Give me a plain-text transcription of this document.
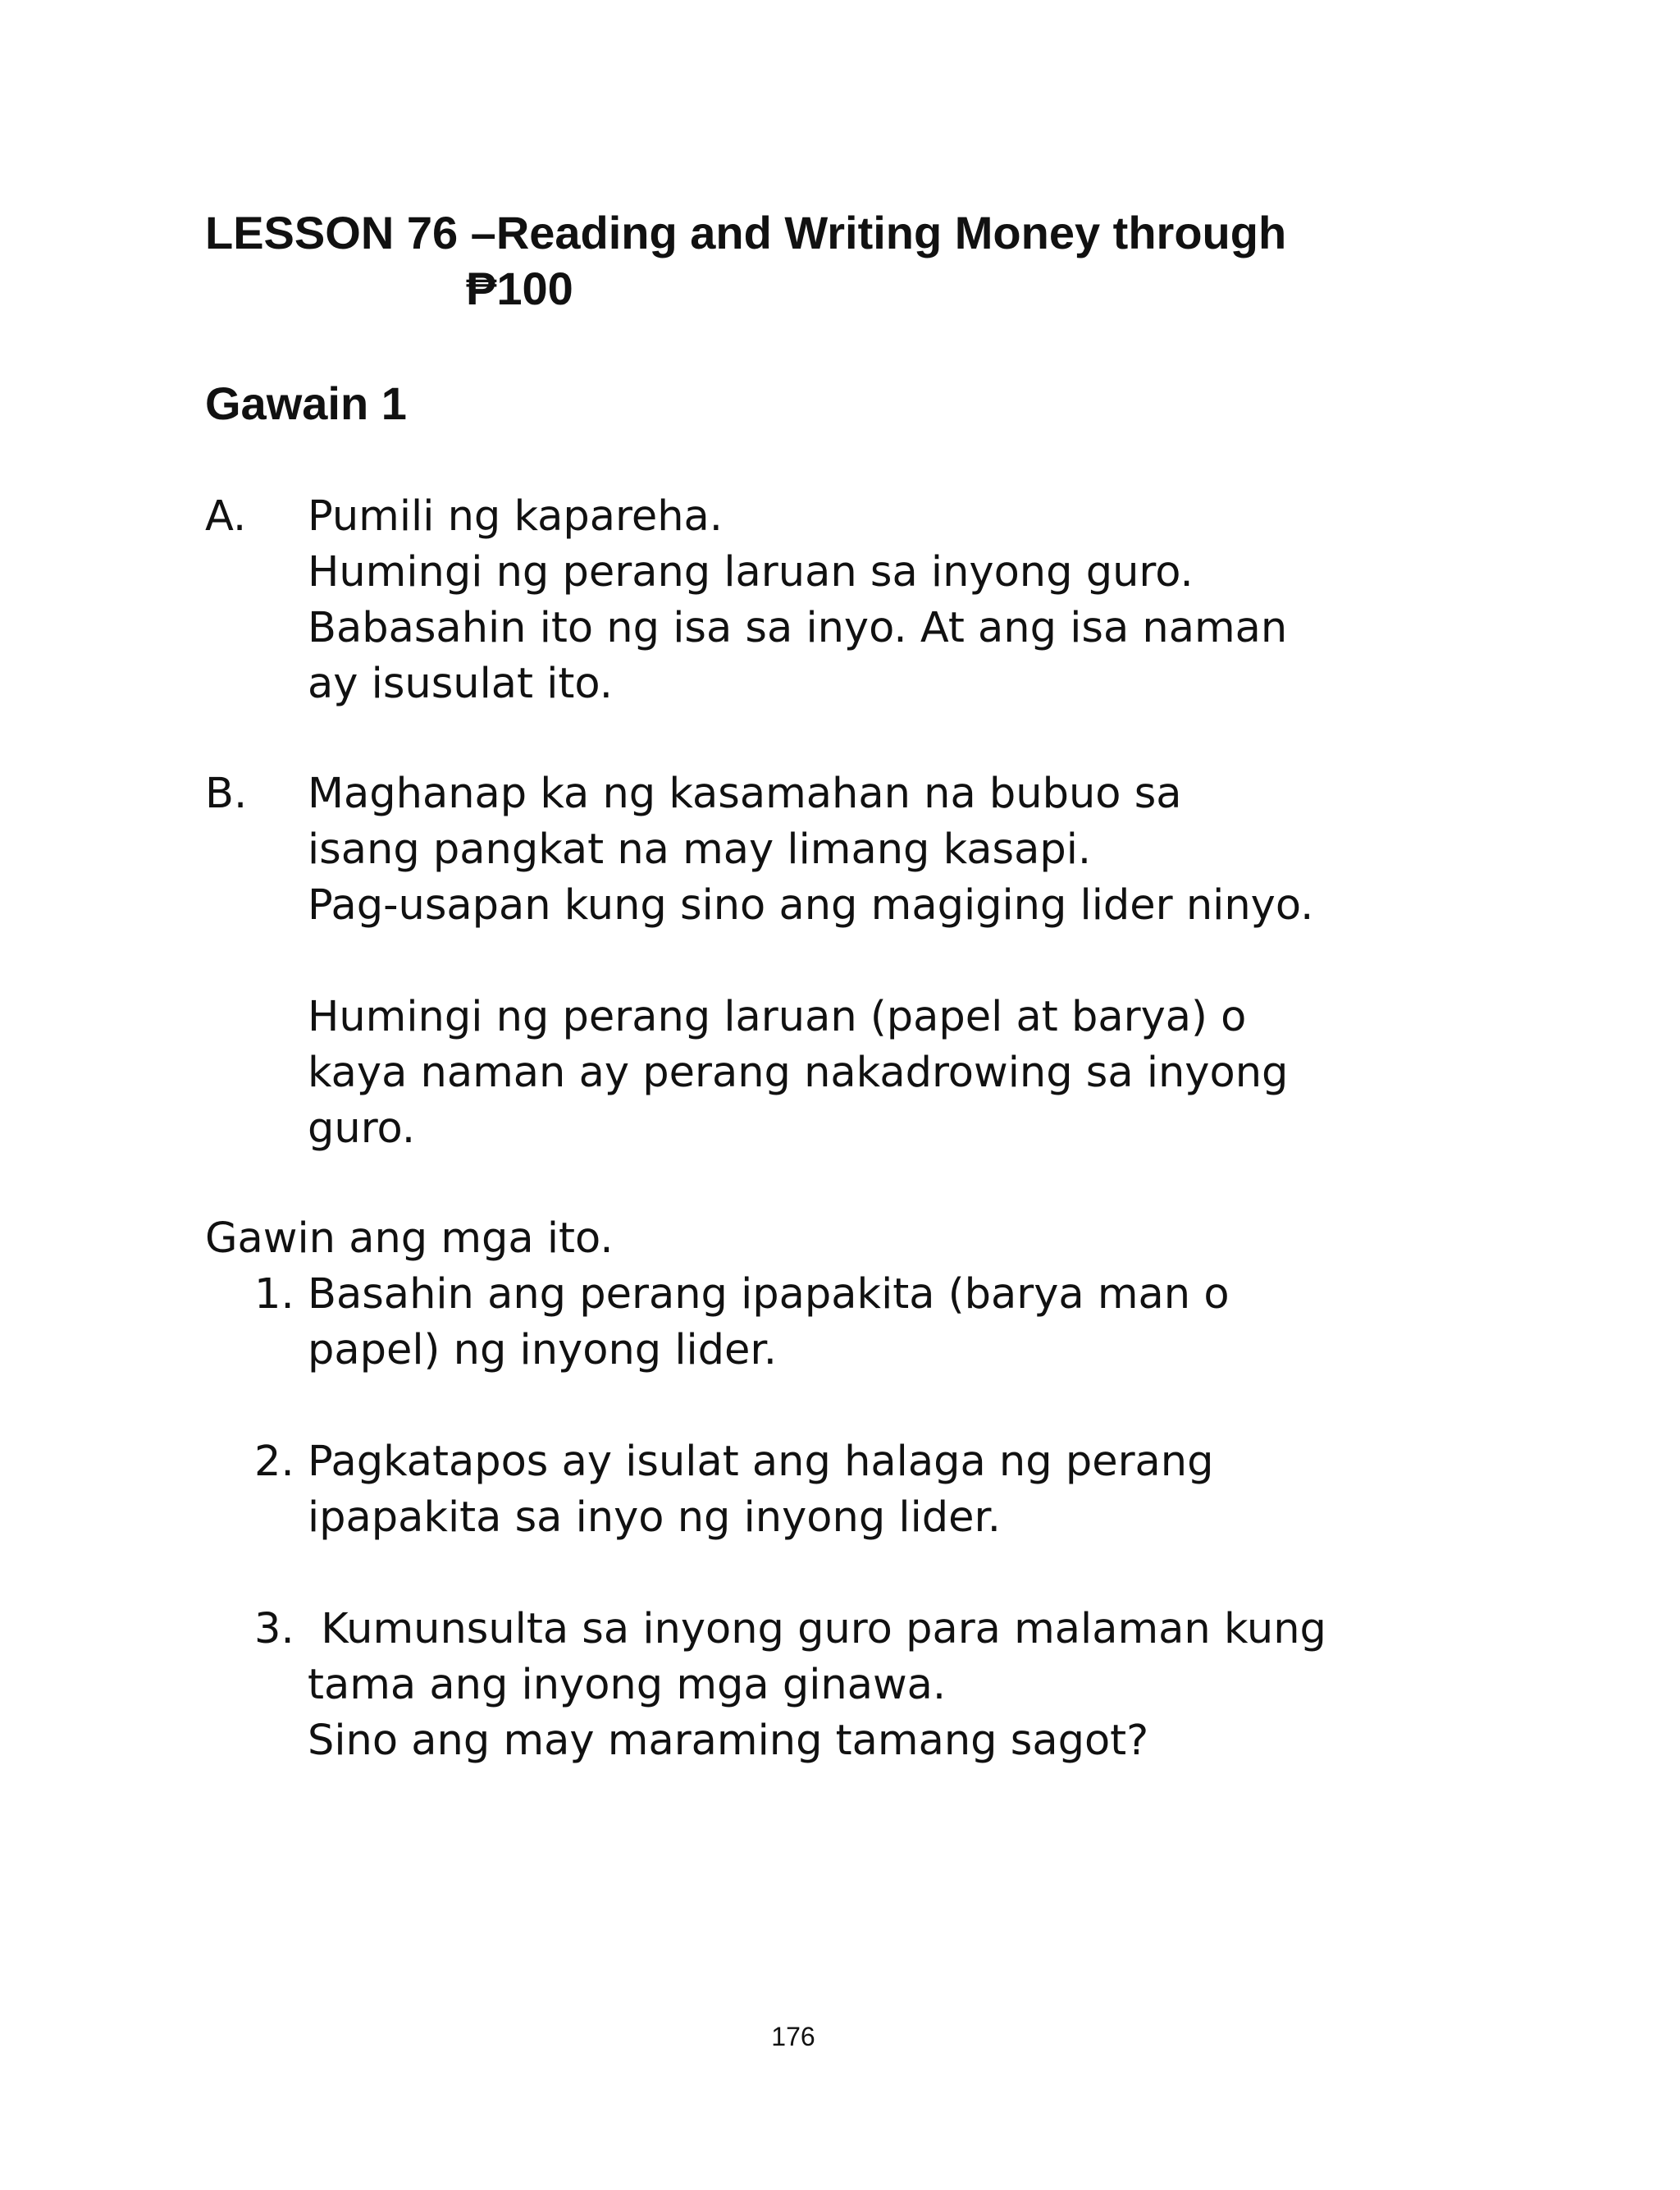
LESSON 76 –Reading and Writing Money through
₱100
Gawain 1
A. Pumili ng kapareha.
Humingi ng perang laruan sa inyong guro.
Babasahin ito ng isa sa inyo. At ang isa naman
ay isusulat ito.
B. Maghanap ka ng kasamahan na bubuo sa
isang pangkat na may limang kasapi.
Pag-usapan kung sino ang magiging lider ninyo.
Humingi ng perang laruan (papel at barya) o
kaya naman ay perang nakadrowing sa inyong
guro.
Gawin ang mga ito.
1. Basahin ang perang ipapakita (barya man o
papel) ng inyong lider.
2. Pagkatapos ay isulat ang halaga ng perang
ipapakita sa inyo ng inyong lider.
3. Kumunsulta sa inyong guro para malaman kung
tama ang inyong mga ginawa.
Sino ang may maraming tamang sagot?
176
